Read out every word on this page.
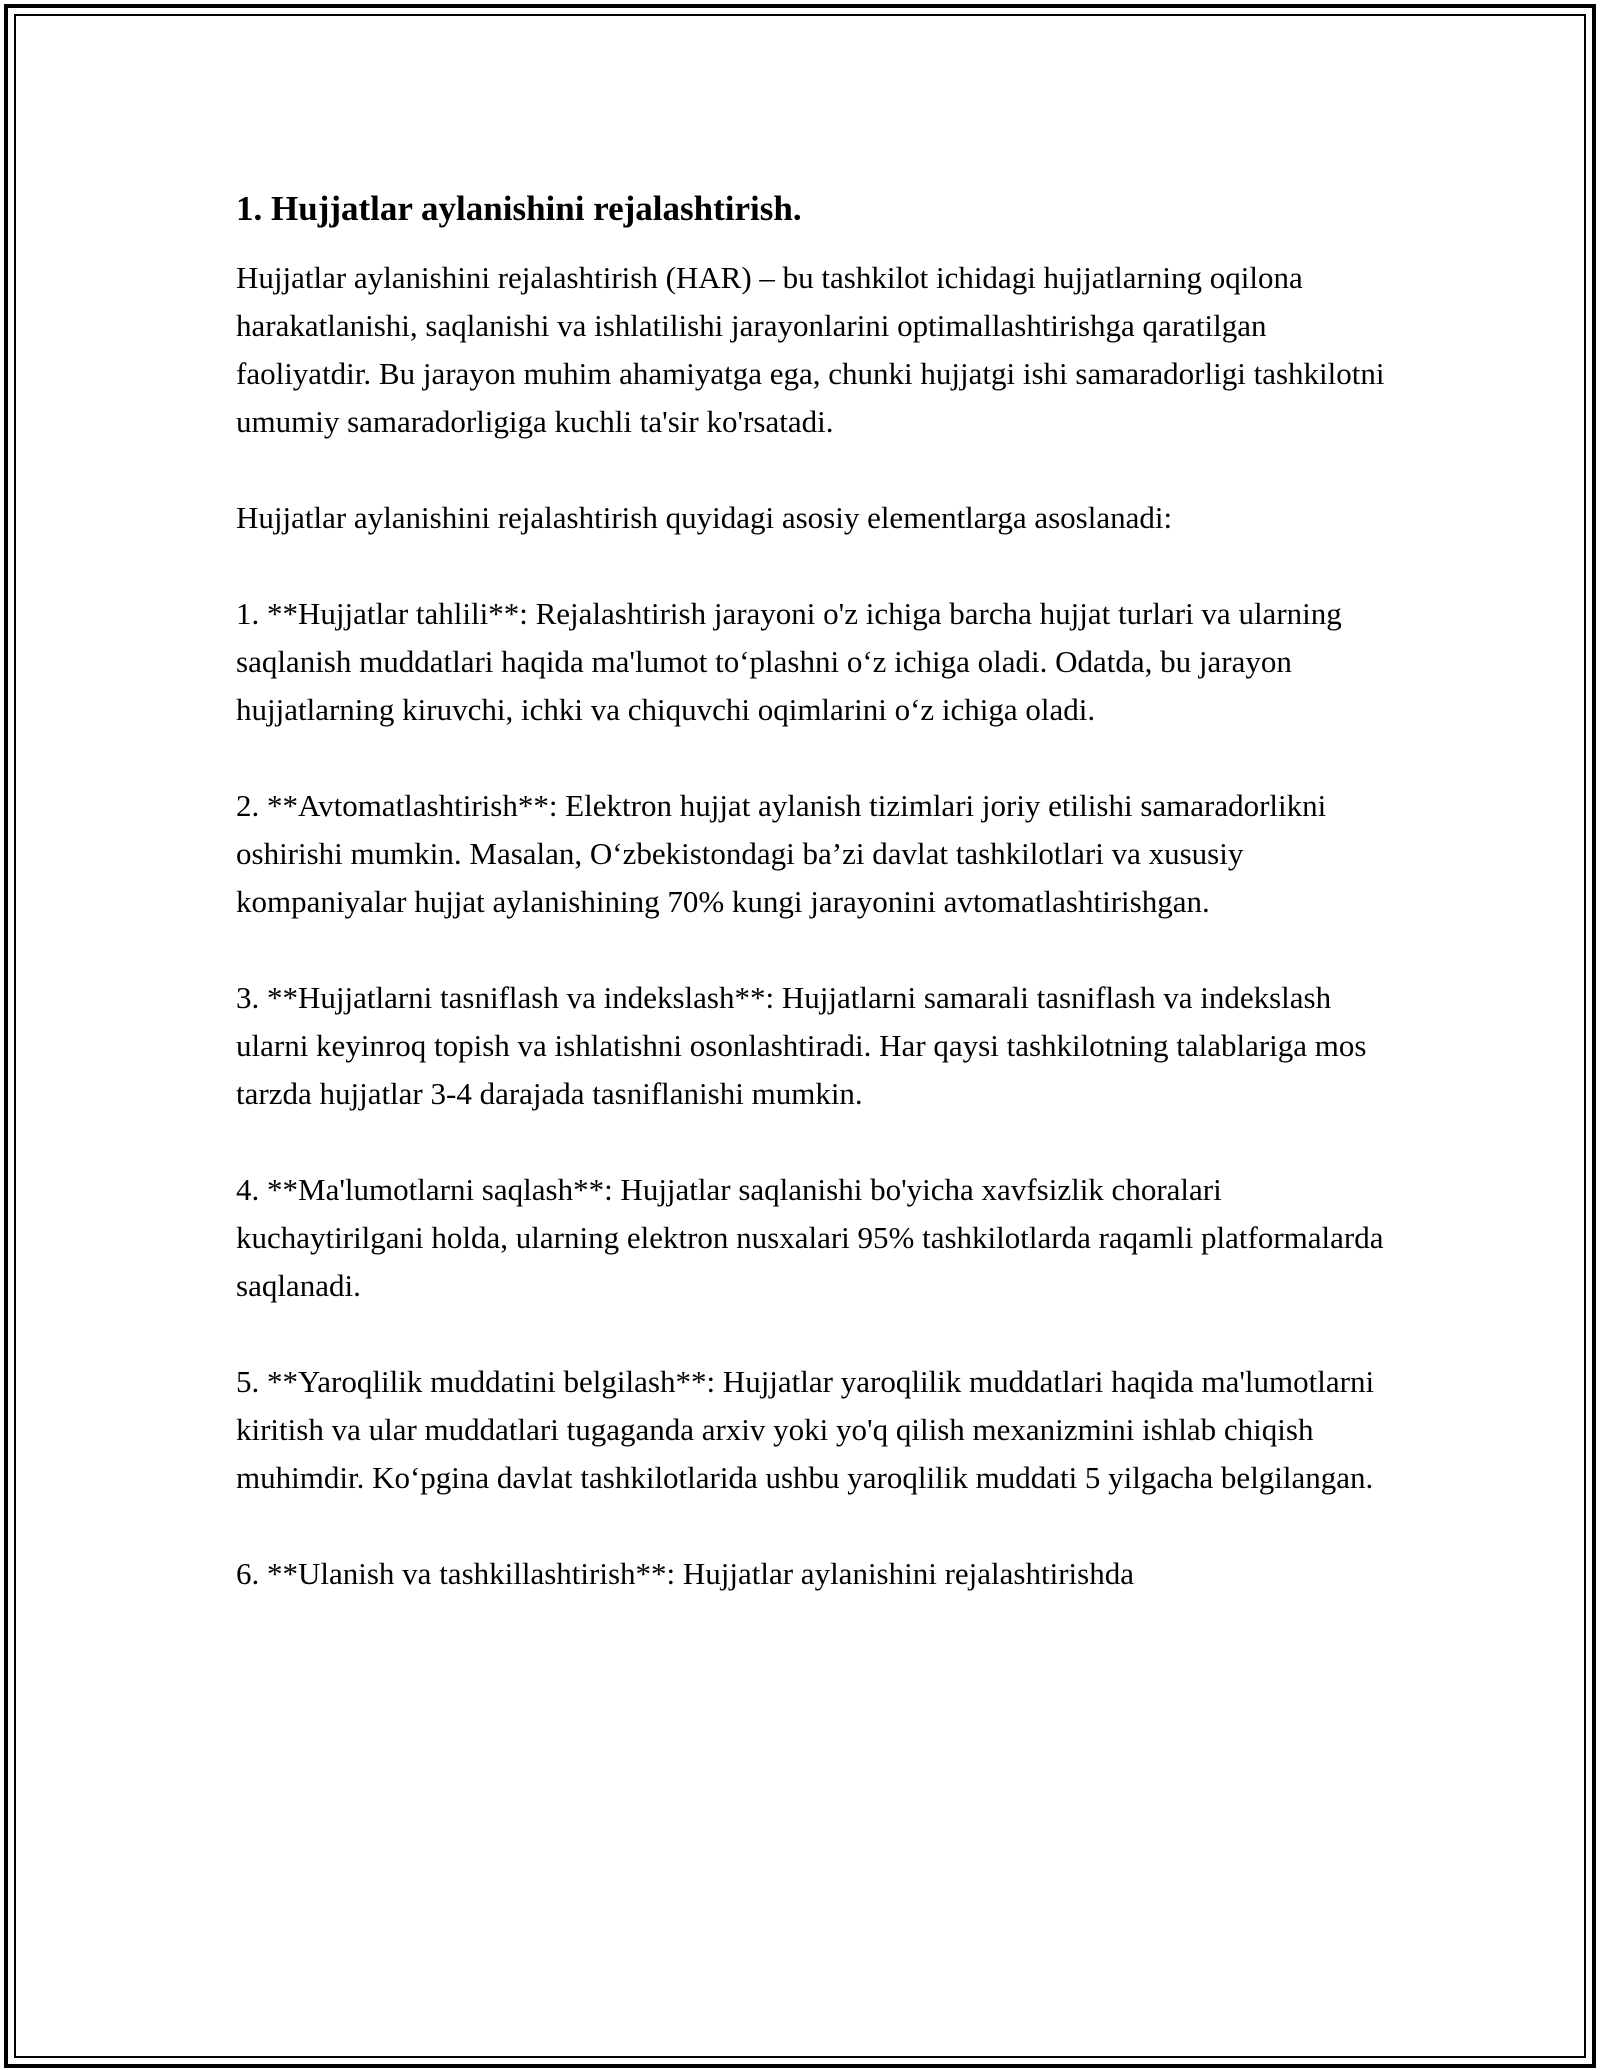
1. Hujjatlar aylanishini rejalashtirish.

Hujjatlar aylanishini rejalashtirish (HAR) – bu tashkilot ichidagi hujjatlarning oqilona harakatlanishi, saqlanishi va ishlatilishi jarayonlarini optimallashtirishga qaratilgan faoliyatdir. Bu jarayon muhim ahamiyatga ega, chunki hujjatgi ishi samaradorligi tashkilotni umumiy samaradorligiga kuchli ta'sir ko'rsatadi.

Hujjatlar aylanishini rejalashtirish quyidagi asosiy elementlarga asoslanadi:

1. **Hujjatlar tahlili**: Rejalashtirish jarayoni o'z ichiga barcha hujjat turlari va ularning saqlanish muddatlari haqida ma'lumot to‘plashni o‘z ichiga oladi. Odatda, bu jarayon hujjatlarning kiruvchi, ichki va chiquvchi oqimlarini o‘z ichiga oladi.

2. **Avtomatlashtirish**: Elektron hujjat aylanish tizimlari joriy etilishi samaradorlikni oshirishi mumkin. Masalan, O‘zbekistondagi ba’zi davlat tashkilotlari va xususiy kompaniyalar hujjat aylanishining 70% kungi jarayonini avtomatlashtirishgan.

3. **Hujjatlarni tasniflash va indekslash**: Hujjatlarni samarali tasniflash va indekslash ularni keyinroq topish va ishlatishni osonlashtiradi. Har qaysi tashkilotning talablariga mos tarzda hujjatlar 3-4 darajada tasniflanishi mumkin.

4. **Ma'lumotlarni saqlash**: Hujjatlar saqlanishi bo'yicha xavfsizlik choralari kuchaytirilgani holda, ularning elektron nusxalari 95% tashkilotlarda raqamli platformalarda saqlanadi.

5. **Yaroqlilik muddatini belgilash**: Hujjatlar yaroqlilik muddatlari haqida ma'lumotlarni kiritish va ular muddatlari tugaganda arxiv yoki yo'q qilish mexanizmini ishlab chiqish muhimdir. Ko‘pgina davlat tashkilotlarida ushbu yaroqlilik muddati 5 yilgacha belgilangan.

6. **Ulanish va tashkillashtirish**: Hujjatlar aylanishini rejalashtirishda
